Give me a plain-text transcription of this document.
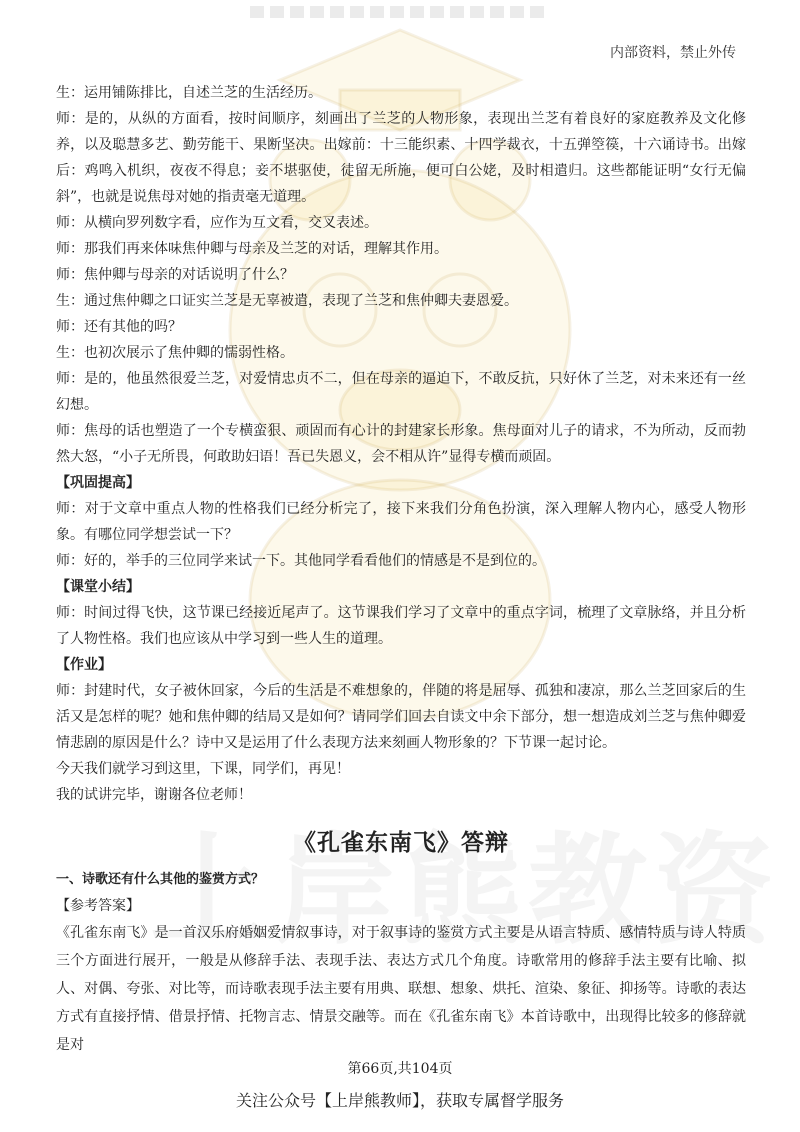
内部资料，禁止外传

生：运用铺陈排比，自述兰芝的生活经历。

师：是的，从纵的方面看，按时间顺序，刻画出了兰芝的人物形象，表现出兰芝有着良好的家庭教养及文化修养，以及聪慧多艺、勤劳能干、果断坚决。出嫁前：十三能织素、十四学裁衣，十五弹箜篌，十六诵诗书。出嫁后：鸡鸣入机织，夜夜不得息；妾不堪驱使，徒留无所施，便可白公姥，及时相遣归。这些都能证明“女行无偏斜”，也就是说焦母对她的指责毫无道理。

师：从横向罗列数字看，应作为互文看，交叉表述。

师：那我们再来体味焦仲卿与母亲及兰芝的对话，理解其作用。

师：焦仲卿与母亲的对话说明了什么？

生：通过焦仲卿之口证实兰芝是无辜被遣，表现了兰芝和焦仲卿夫妻恩爱。

师：还有其他的吗？

生：也初次展示了焦仲卿的懦弱性格。

师：是的，他虽然很爱兰芝，对爱情忠贞不二，但在母亲的逼迫下，不敢反抗，只好休了兰芝，对未来还有一丝幻想。

师：焦母的话也塑造了一个专横蛮狠、顽固而有心计的封建家长形象。焦母面对儿子的请求，不为所动，反而勃然大怒，“小子无所畏，何敢助妇语！吾已失恩义，会不相从许”显得专横而顽固。

【巩固提高】

师：对于文章中重点人物的性格我们已经分析完了，接下来我们分角色扮演，深入理解人物内心，感受人物形象。有哪位同学想尝试一下？

师：好的，举手的三位同学来试一下。其他同学看看他们的情感是不是到位的。

【课堂小结】

师：时间过得飞快，这节课已经接近尾声了。这节课我们学习了文章中的重点字词，梳理了文章脉络，并且分析了人物性格。我们也应该从中学习到一些人生的道理。

【作业】

师：封建时代，女子被休回家，今后的生活是不难想象的，伴随的将是屈辱、孤独和凄凉，那么兰芝回家后的生活又是怎样的呢？她和焦仲卿的结局又是如何？请同学们回去自读文中余下部分，想一想造成刘兰芝与焦仲卿爱情悲剧的原因是什么？诗中又是运用了什么表现方法来刻画人物形象的？下节课一起讨论。

今天我们就学习到这里，下课，同学们，再见！

我的试讲完毕，谢谢各位老师！

《孔雀东南飞》答辩

一、诗歌还有什么其他的鉴赏方式？

【参考答案】

《孔雀东南飞》是一首汉乐府婚姻爱情叙事诗，对于叙事诗的鉴赏方式主要是从语言特质、感情特质与诗人特质三个方面进行展开，一般是从修辞手法、表现手法、表达方式几个角度。诗歌常用的修辞手法主要有比喻、拟人、对偶、夸张、对比等，而诗歌表现手法主要有用典、联想、想象、烘托、渲染、象征、抑扬等。诗歌的表达方式有直接抒情、借景抒情、托物言志、情景交融等。而在《孔雀东南飞》本首诗歌中，出现得比较多的修辞就是对

第66页,共104页
关注公众号【上岸熊教师】，获取专属督学服务
